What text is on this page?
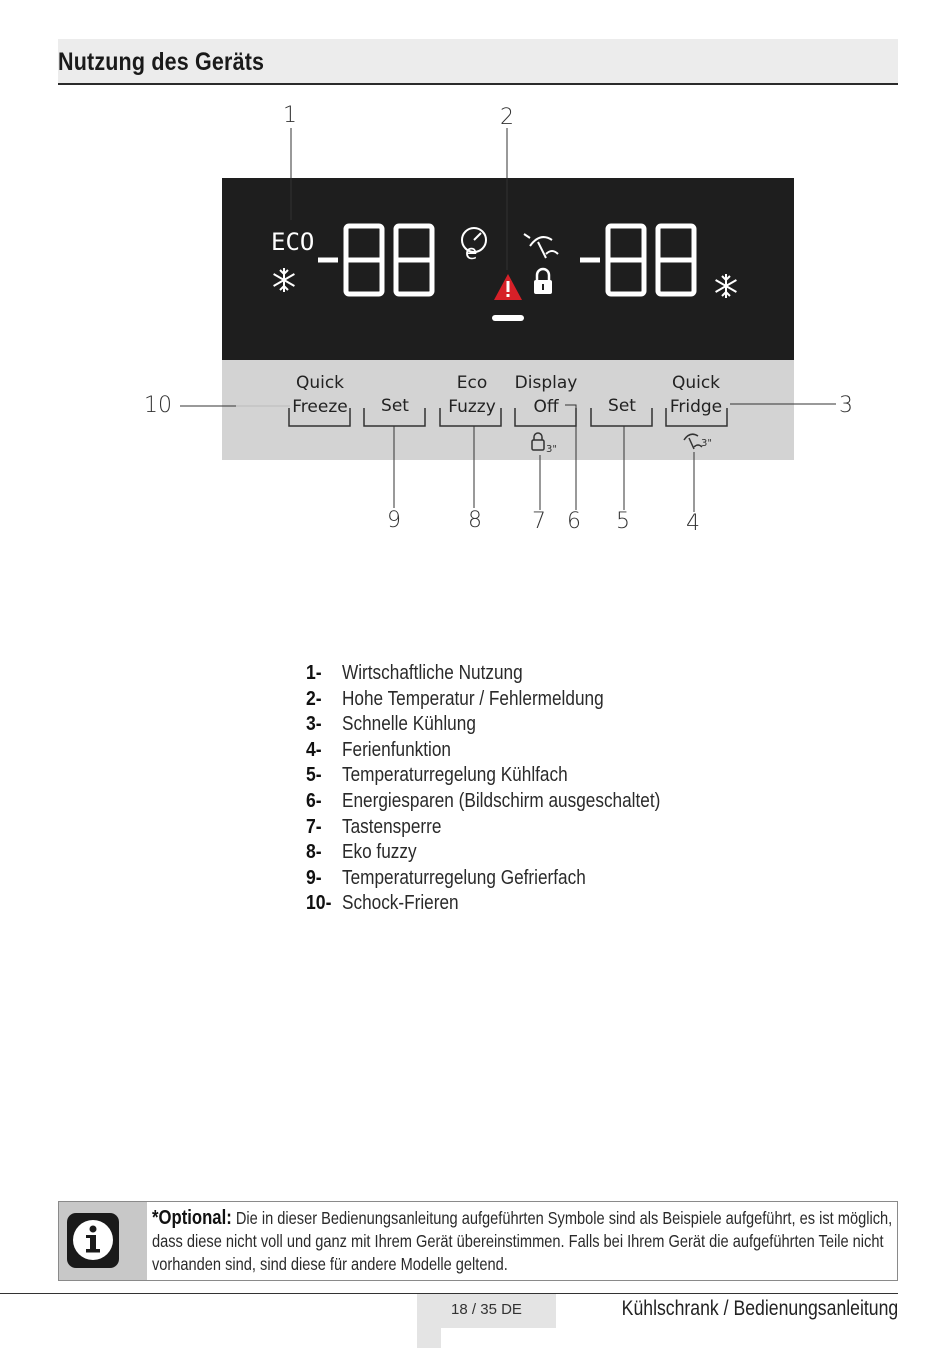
Nutzung des Geräts
ECO	e
Quick
Freeze Set
Eco
Fuzzy
Display
Off	Set
Quick
Fridge
3"
3"
1	2
3
4
5
6
7
8
9
10
1-	Wirtschaftliche Nutzung
2-	Hohe Temperatur / Fehlermeldung
3-	Schnelle Kühlung
4-	Ferienfunktion
5-	Temperaturregelung Kühlfach
6-	Energiesparen (Bildschirm ausgeschaltet)
7-	Tastensperre
8-	Eko fuzzy
9-	Temperaturregelung Gefrierfach
10- Schock-Frieren
*Optional: Die in dieser Bedienungsanleitung aufgeführten Symbole sind als Beispiele aufgeführt, es ist möglich, dass diese nicht voll und ganz mit Ihrem Gerät übereinstimmen. Falls bei Ihrem Gerät die aufgeführten Teile nicht vorhanden sind, sind diese für andere Modelle geltend.
18 / 35 DE	Kühlschrank / Bedienungsanleitung
